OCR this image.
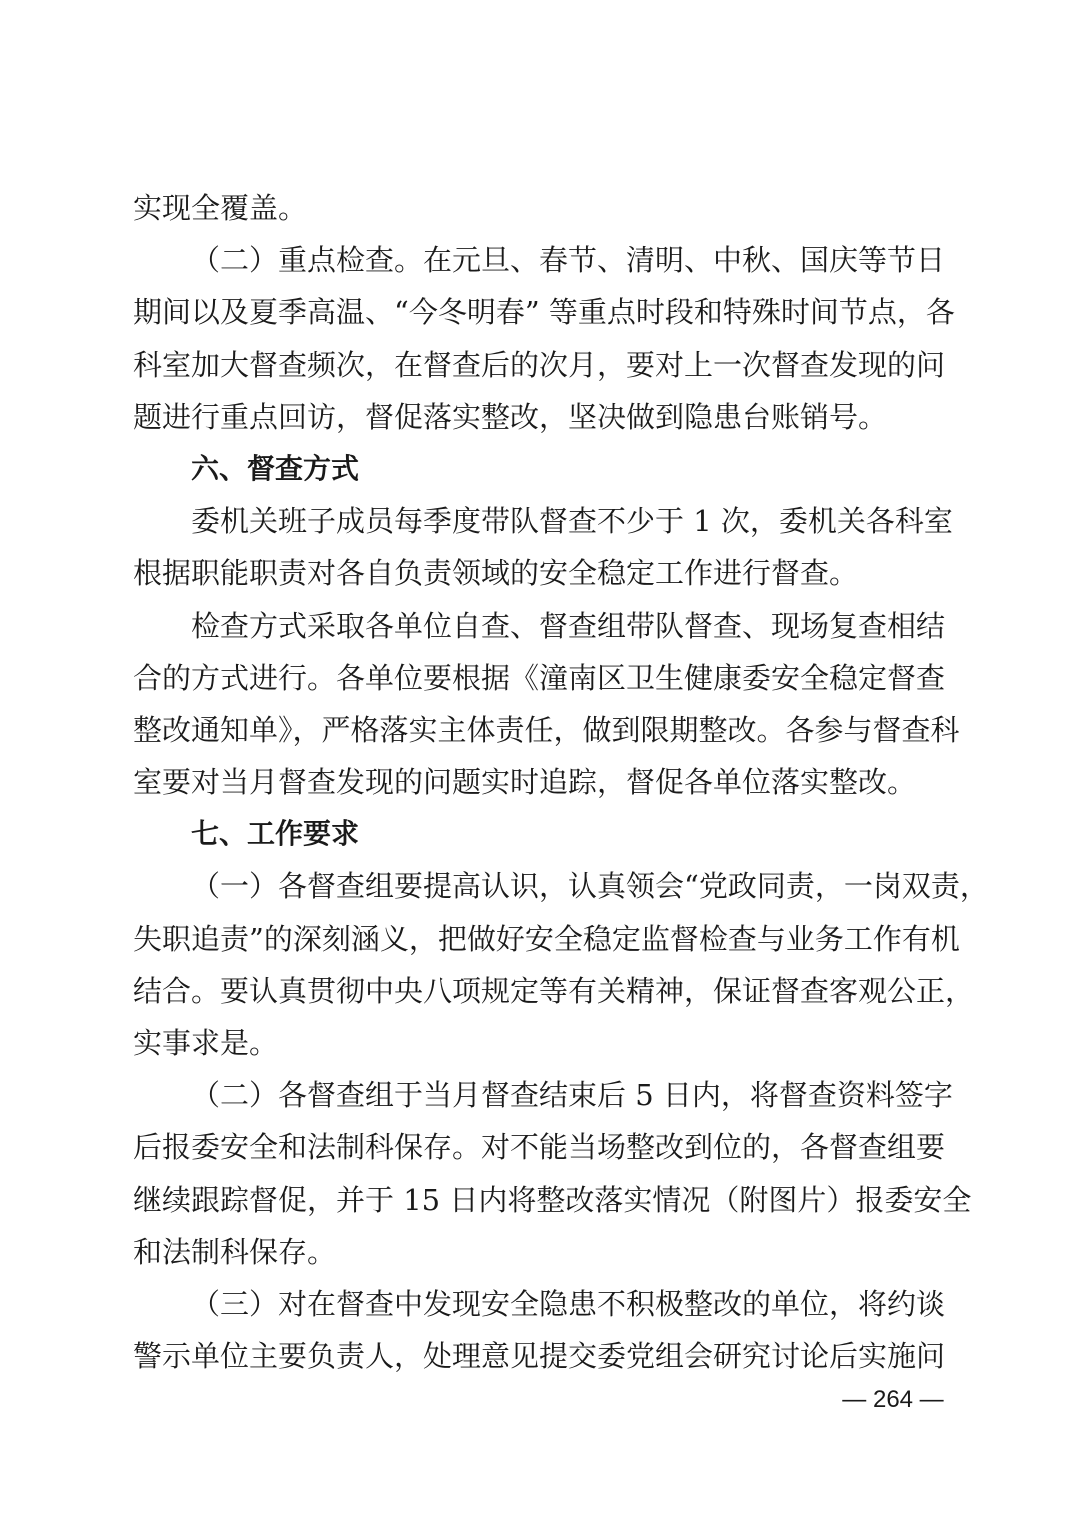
实现全覆盖。
（二）重点检查。在元旦、春节、清明、中秋、国庆等节日
期间以及夏季高温、“今冬明春” 等重点时段和特殊时间节点，各
科室加大督查频次，在督查后的次月，要对上一次督查发现的问
题进行重点回访，督促落实整改，坚决做到隐患台账销号。
六、督查方式
委机关班子成员每季度带队督查不少于 1 次，委机关各科室
根据职能职责对各自负责领域的安全稳定工作进行督查。
检查方式采取各单位自查、督查组带队督查、现场复查相结
合的方式进行。各单位要根据《潼南区卫生健康委安全稳定督查
整改通知单》，严格落实主体责任，做到限期整改。各参与督查科
室要对当月督查发现的问题实时追踪，督促各单位落实整改。
七、工作要求
（一）各督查组要提高认识，认真领会“党政同责，一岗双责，
失职追责”的深刻涵义，把做好安全稳定监督检查与业务工作有机
结合。要认真贯彻中央八项规定等有关精神，保证督查客观公正，
实事求是。
（二）各督查组于当月督查结束后 5 日内，将督查资料签字
后报委安全和法制科保存。对不能当场整改到位的，各督查组要
继续跟踪督促，并于 15 日内将整改落实情况（附图片）报委安全
和法制科保存。
（三）对在督查中发现安全隐患不积极整改的单位，将约谈
警示单位主要负责人，处理意见提交委党组会研究讨论后实施问
— 264 —
